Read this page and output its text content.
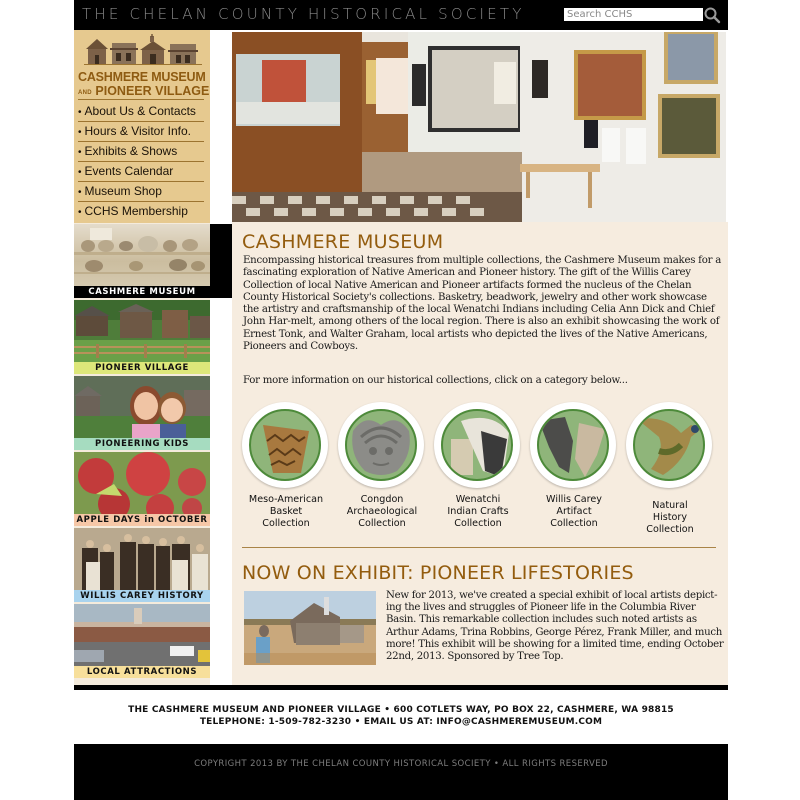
THE CHELAN COUNTY HISTORICAL SOCIETY
Search CCHS
CASHMERE MUSEUM
AND PIONEER VILLAGE
• About Us & Contacts
• Hours & Visitor Info.
• Exhibits & Shows
• Events Calendar
• Museum Shop
• CCHS Membership
CASHMERE MUSEUM
PIONEER VILLAGE
PIONEERING KIDS
APPLE DAYS in OCTOBER
WILLIS CAREY HISTORY
LOCAL ATTRACTIONS
CASHMERE MUSEUM
Encompassing historical treasures from multiple collections, the Cashmere Museum makes for a fascinating exploration of Native American and Pioneer history. The gift of the Willis Carey Collection of local Native American and Pioneer artifacts formed the nucleus of the Chelan County Historical Society's collections. Basketry, beadwork, jewelry and other work showcase the artistry and craftsmanship of the local Wenatchi Indians including Celia Ann Dick and Chief John Har-melt, among others of the local region. There is also an exhibit showcasing the work of Ernest Tonk, and Walter Graham, local artists who depicted the lives of the Native Americans, Pioneers and Cowboys.
For more information on our historical collections, click on a category below...
Meso-American
Basket
Collection
Congdon
Archaeological
Collection
Wenatchi
Indian Crafts
Collection
Willis Carey
Artifact
Collection
Natural
History
Collection
NOW ON EXHIBIT: PIONEER LIFESTORIES
New for 2013, we've created a special exhibit of local artists depict-ing the lives and struggles of Pioneer life in the Columbia River Basin. This remarkable collection includes such noted artists as Arthur Adams, Trina Robbins, George Pérez, Frank Miller, and much more! This exhibit will be showing for a limited time, ending October 22nd, 2013. Sponsored by Tree Top.
THE CASHMERE MUSEUM AND PIONEER VILLAGE • 600 COTLETS WAY, PO BOX 22, CASHMERE, WA 98815
TELEPHONE: 1-509-782-3230 • EMAIL US AT: INFO@CASHMEREMUSEUM.COM
COPYRIGHT 2013 BY THE CHELAN COUNTY HISTORICAL SOCIETY • ALL RIGHTS RESERVED
